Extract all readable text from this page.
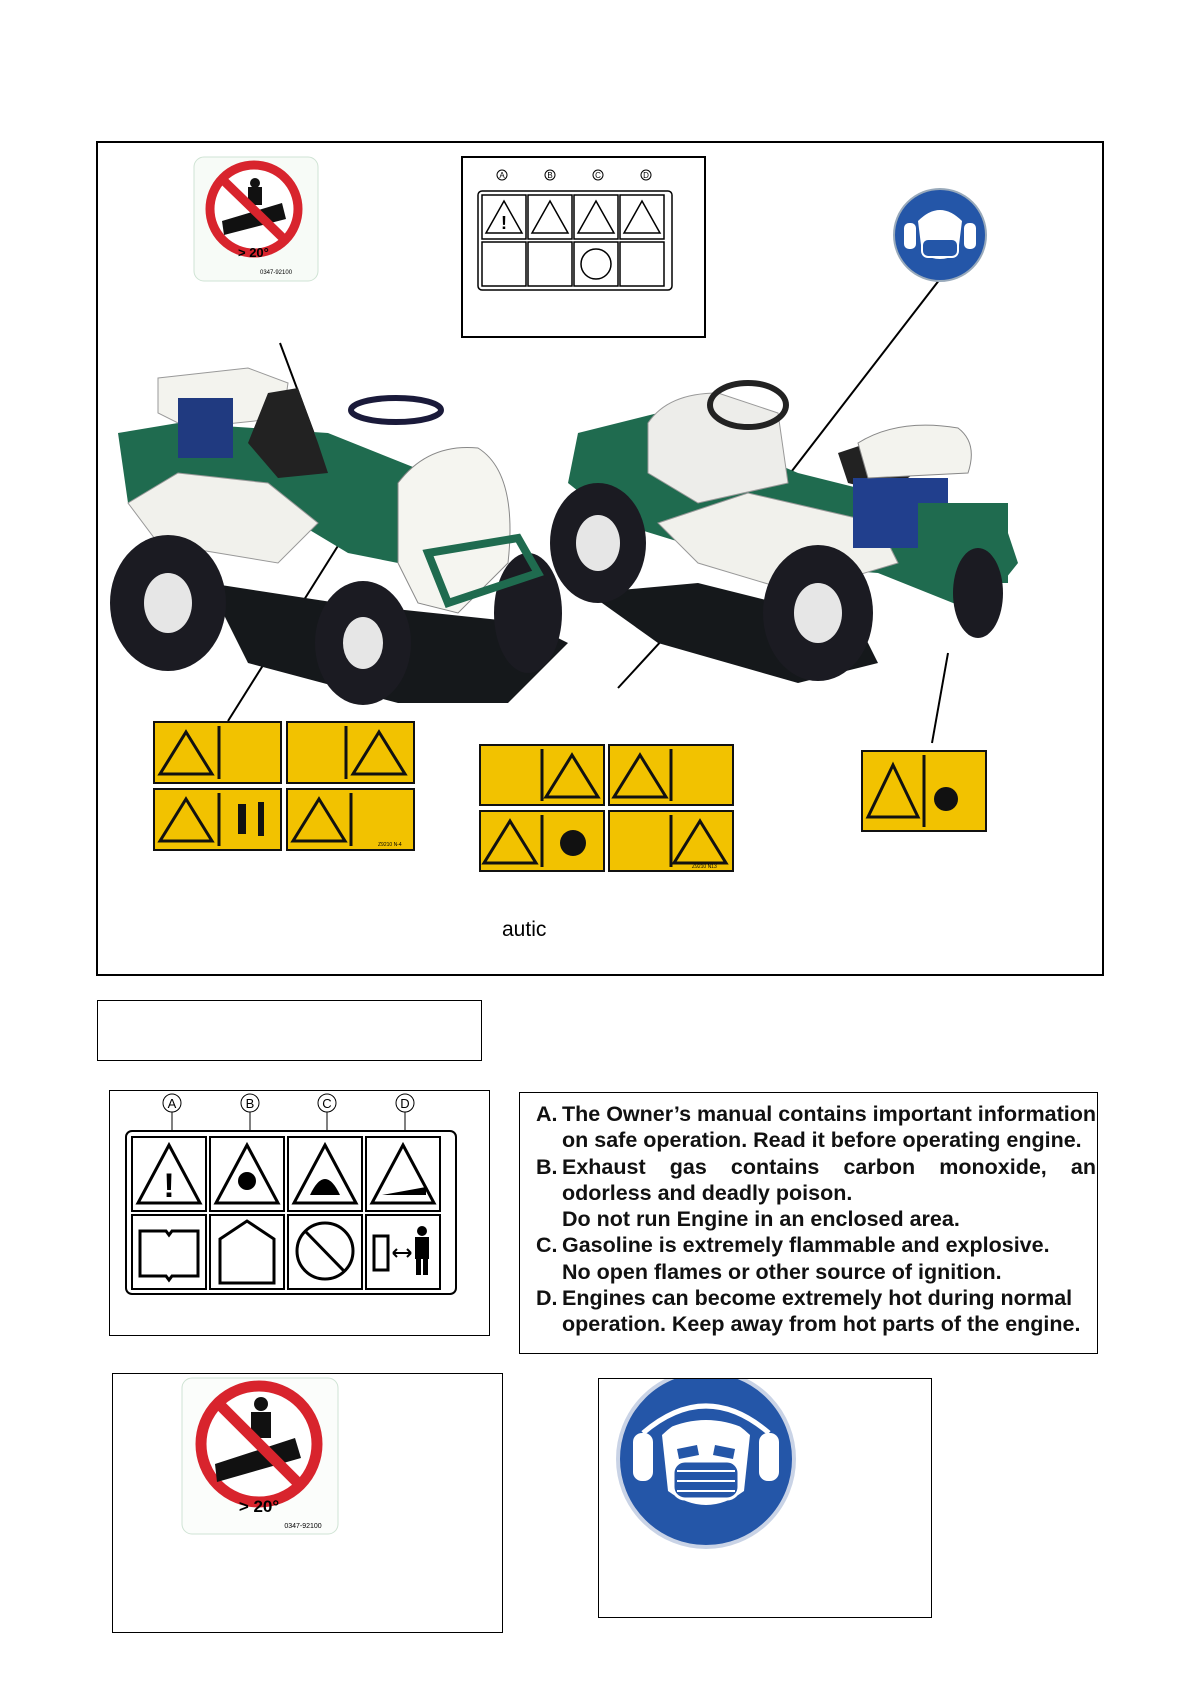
> 20°
0347-92100
A	B	C	D
!
Z9210 N-4
Z9210 N13
autic
A	B	C	D
!
A. The Owner’s manual contains important information
on safe operation. Read it before operating engine.
B. Exhaust gas contains carbon monoxide, an
odorless and deadly poison.
Do not run Engine in an enclosed area.
C. Gasoline is extremely flammable and explosive.
No open flames or other source of ignition.
D. Engines can become extremely hot during normal
operation. Keep away from hot parts of the engine.
> 20°
0347-92100
